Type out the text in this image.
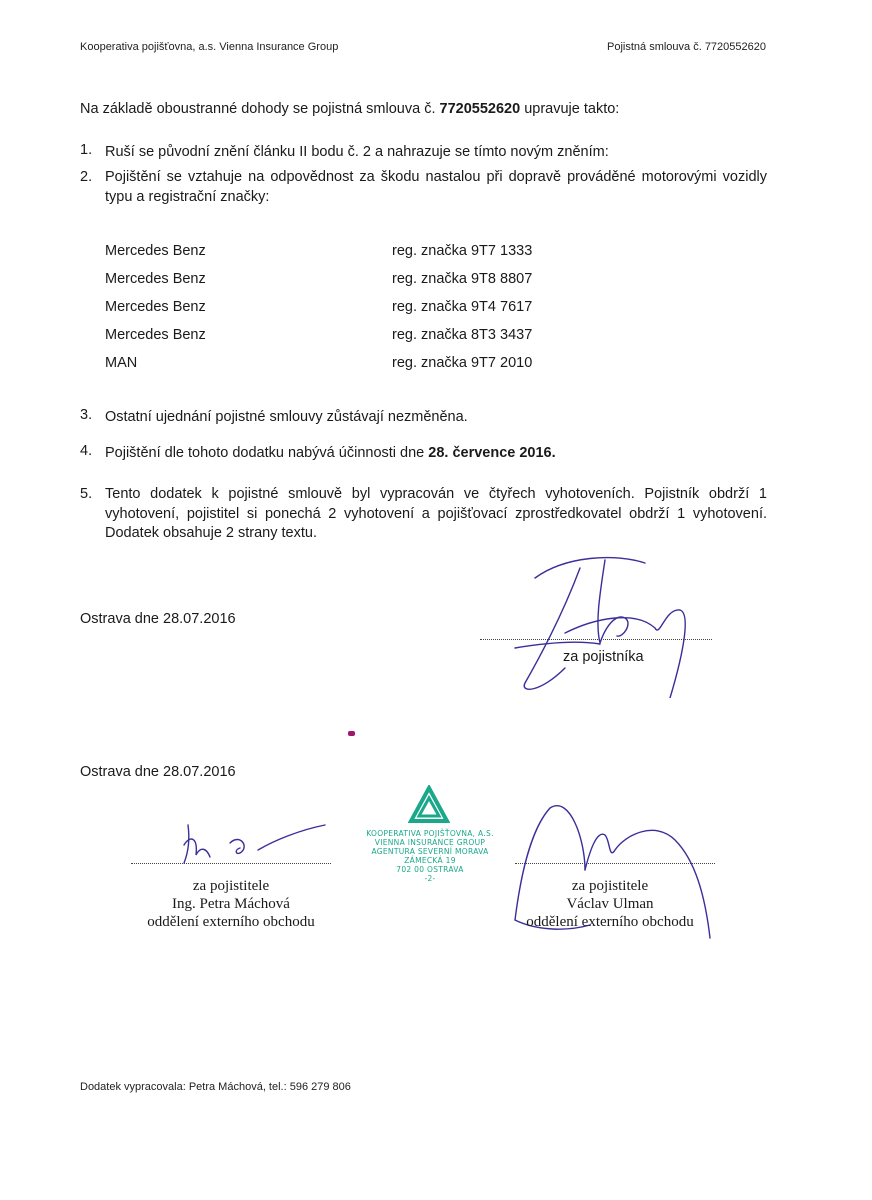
Kooperativa pojišťovna, a.s. Vienna Insurance Group	Pojistná smlouva č. 7720552620
Na základě oboustranné dohody se pojistná smlouva č. 7720552620 upravuje takto:
1. Ruší se původní znění článku II bodu č. 2 a nahrazuje se tímto novým zněním:
2. Pojištění se vztahuje na odpovědnost za škodu nastalou při dopravě prováděné motorovými vozidly typu a registrační značky:
Mercedes Benz	reg. značka 9T7 1333
Mercedes Benz	reg. značka 9T8 8807
Mercedes Benz	reg. značka 9T4 7617
Mercedes Benz	reg. značka 8T3 3437
MAN	reg. značka 9T7 2010
3. Ostatní ujednání pojistné smlouvy zůstávají nezměněna.
4. Pojištění dle tohoto dodatku nabývá účinnosti dne 28. července 2016.
5. Tento dodatek k pojistné smlouvě byl vypracován ve čtyřech vyhotoveních. Pojistník obdrží 1 vyhotovení, pojistitel si ponechá 2 vyhotovení a pojišťovací zprostředkovatel obdrží 1 vyhotovení. Dodatek obsahuje 2 strany textu.
Ostrava dne 28.07.2016
za pojistníka
Ostrava dne 28.07.2016
za pojistitele
Ing. Petra Máchová
oddělení externího obchodu
za pojistitele
Václav Ulman
oddělení externího obchodu
KOOPERATIVA POJIŠŤOVNA, A.S.
VIENNA INSURANCE GROUP
AGENTURA SEVERNÍ MORAVA
ZÁMECKÁ 19
702 00 OSTRAVA
-2-
Dodatek vypracovala: Petra Máchová, tel.: 596 279 806
